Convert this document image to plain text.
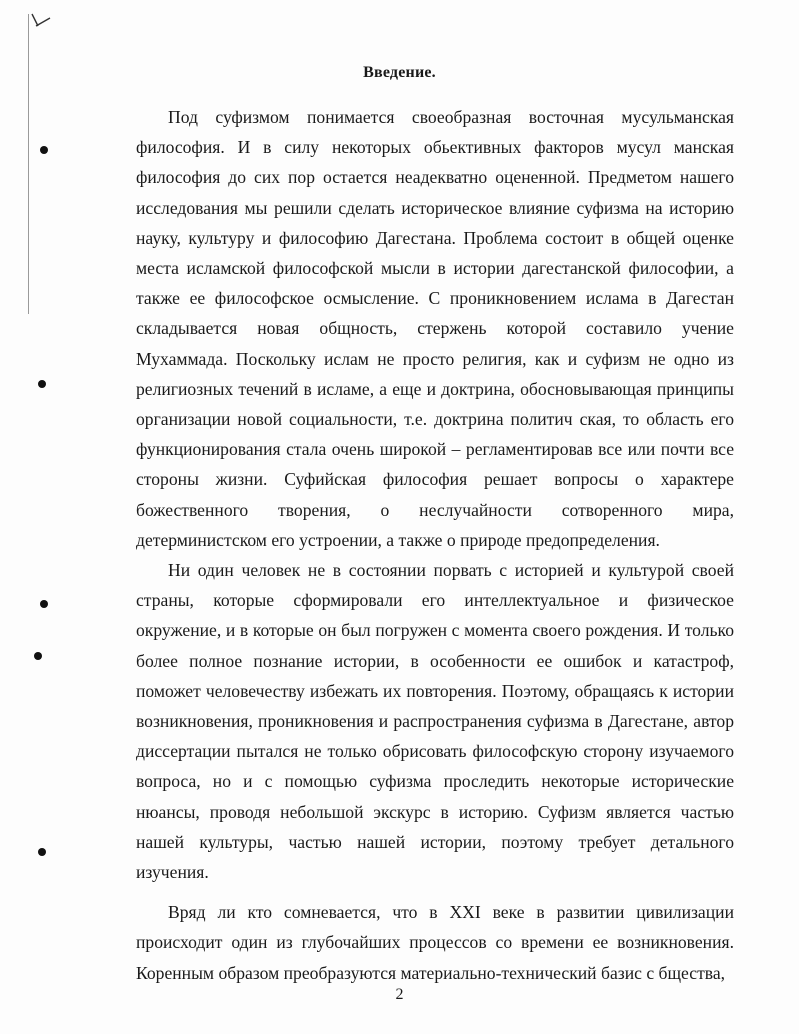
Введение.

Под суфизмом понимается своеобразная восточная мусульманская философия. И в силу некоторых обьективных факторов мусул манская философия до сих пор остается неадекватно оцененной. Предметом нашего исследования мы решили сделать историческое влияние суфизма на историю науку, культуру и философию Дагестана. Проблема состоит в общей оценке места исламской философской мысли в истории дагестанской философии, а также ее философское осмысление. С проникновением ислама в Дагестан складывается новая общность, стержень которой составило учение Мухаммада. Поскольку ислам не просто религия, как и суфизм не одно из религиозных течений в исламе, а еще и доктрина, обосновывающая принципы организации новой социальности, т.е. доктрина политич ская, то область его функционирования стала очень широкой – регламентировав все или почти все стороны жизни. Суфийская философия решает вопросы о характере божественного творения, о неслучайности сотворенного мира, детерминистском его устроении, а также о природе предопределения.

Ни один человек не в состоянии порвать с историей и культурой своей страны, которые сформировали его интеллектуальное и физическое окружение, и в которые он был погружен с момента своего рождения. И только более полное познание истории, в особенности ее ошибок и катастроф, поможет человечеству избежать их повторения. Поэтому, обращаясь к истории возникновения, проникновения и распространения суфизма в Дагестане, автор диссертации пытался не только обрисовать философскую сторону изучаемого вопроса, но и с помощью суфизма проследить некоторые исторические нюансы, проводя небольшой экскурс в историю. Суфизм является частью нашей культуры, частью нашей истории, поэтому требует детального изучения.

Вряд ли кто сомневается, что в XXI веке в развитии цивилизации происходит один из глубочайших процессов со времени ее возникновения. Коренным образом преобразуются материально-технический базис с бщества,

2
